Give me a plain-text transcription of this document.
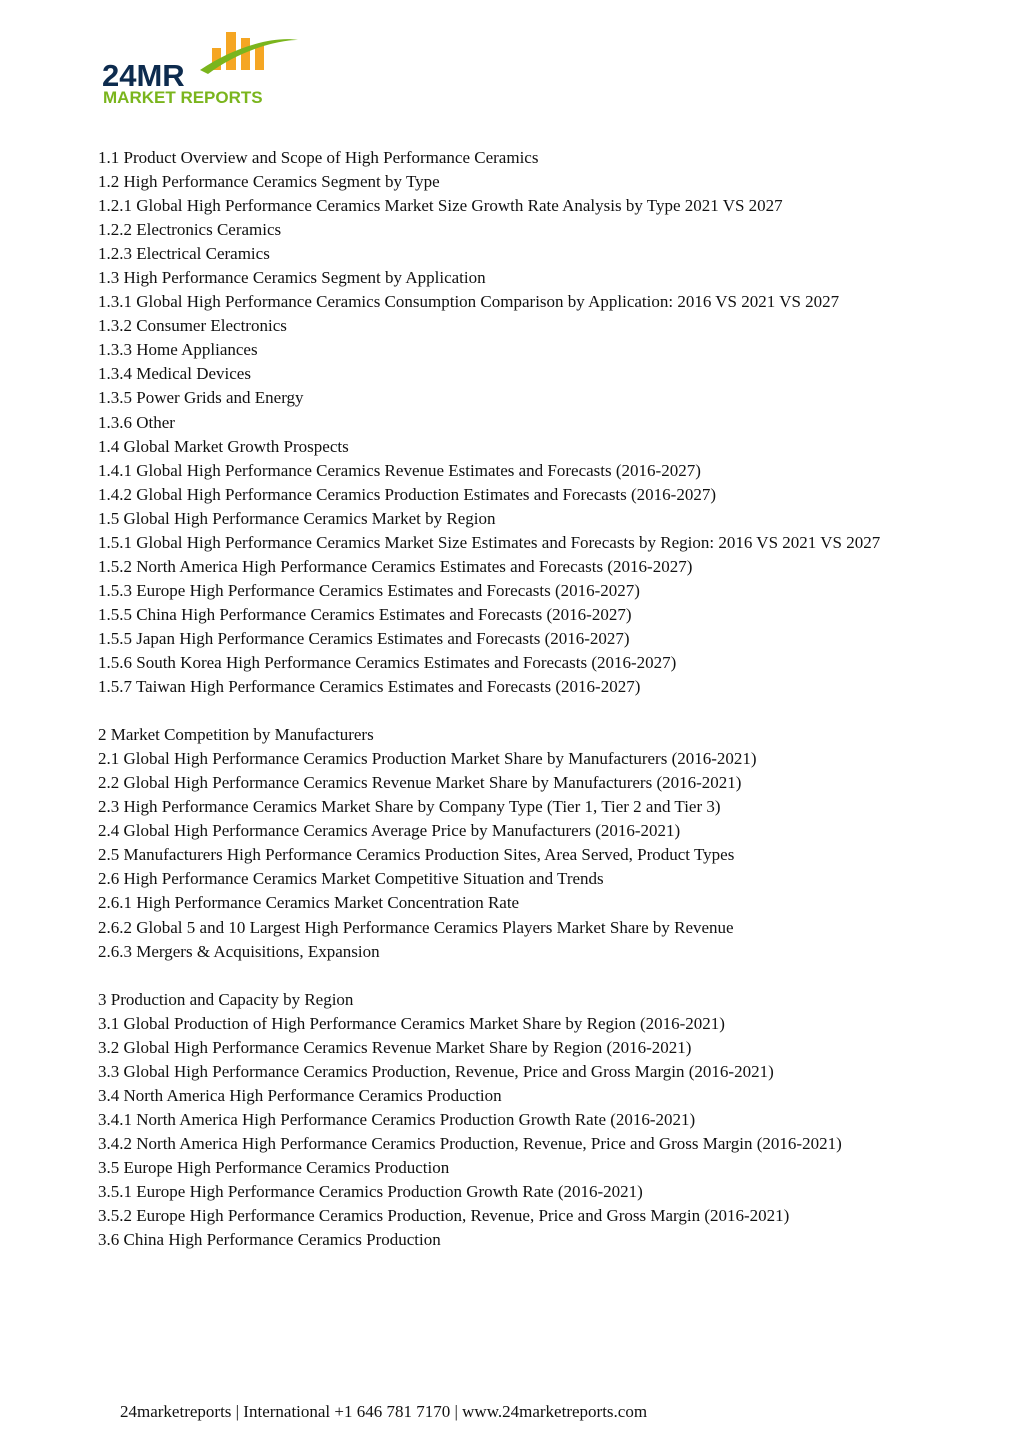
24MR
MARKET REPORTS

1.1 Product Overview and Scope of High Performance Ceramics

1.2 High Performance Ceramics Segment by Type

1.2.1 Global High Performance Ceramics Market Size Growth Rate Analysis by Type 2021 VS 2027

1.2.2 Electronics Ceramics

1.2.3 Electrical Ceramics

1.3 High Performance Ceramics Segment by Application

1.3.1 Global High Performance Ceramics Consumption Comparison by Application: 2016 VS 2021 VS 2027

1.3.2 Consumer Electronics

1.3.3 Home Appliances

1.3.4 Medical Devices

1.3.5 Power Grids and Energy

1.3.6 Other

1.4 Global Market Growth Prospects

1.4.1 Global High Performance Ceramics Revenue Estimates and Forecasts (2016-2027)

1.4.2 Global High Performance Ceramics Production Estimates and Forecasts (2016-2027)

1.5 Global High Performance Ceramics Market by Region

1.5.1 Global High Performance Ceramics Market Size Estimates and Forecasts by Region: 2016 VS 2021 VS 2027

1.5.2 North America High Performance Ceramics Estimates and Forecasts (2016-2027)

1.5.3 Europe High Performance Ceramics Estimates and Forecasts (2016-2027)

1.5.5 China High Performance Ceramics Estimates and Forecasts (2016-2027)

1.5.5 Japan High Performance Ceramics Estimates and Forecasts (2016-2027)

1.5.6 South Korea High Performance Ceramics Estimates and Forecasts (2016-2027)

1.5.7 Taiwan High Performance Ceramics Estimates and Forecasts (2016-2027)

2 Market Competition by Manufacturers

2.1 Global High Performance Ceramics Production Market Share by Manufacturers (2016-2021)

2.2 Global High Performance Ceramics Revenue Market Share by Manufacturers (2016-2021)

2.3 High Performance Ceramics Market Share by Company Type (Tier 1, Tier 2 and Tier 3)

2.4 Global High Performance Ceramics Average Price by Manufacturers (2016-2021)

2.5 Manufacturers High Performance Ceramics Production Sites, Area Served, Product Types

2.6 High Performance Ceramics Market Competitive Situation and Trends

2.6.1 High Performance Ceramics Market Concentration Rate

2.6.2 Global 5 and 10 Largest High Performance Ceramics Players Market Share by Revenue

2.6.3 Mergers & Acquisitions, Expansion

3 Production and Capacity by Region

3.1 Global Production of High Performance Ceramics Market Share by Region (2016-2021)

3.2 Global High Performance Ceramics Revenue Market Share by Region (2016-2021)

3.3 Global High Performance Ceramics Production, Revenue, Price and Gross Margin (2016-2021)

3.4 North America High Performance Ceramics Production

3.4.1 North America High Performance Ceramics Production Growth Rate (2016-2021)

3.4.2 North America High Performance Ceramics Production, Revenue, Price and Gross Margin (2016-2021)

3.5 Europe High Performance Ceramics Production

3.5.1 Europe High Performance Ceramics Production Growth Rate (2016-2021)

3.5.2 Europe High Performance Ceramics Production, Revenue, Price and Gross Margin (2016-2021)

3.6 China High Performance Ceramics Production

24marketreports | International +1 646 781 7170 | www.24marketreports.com
